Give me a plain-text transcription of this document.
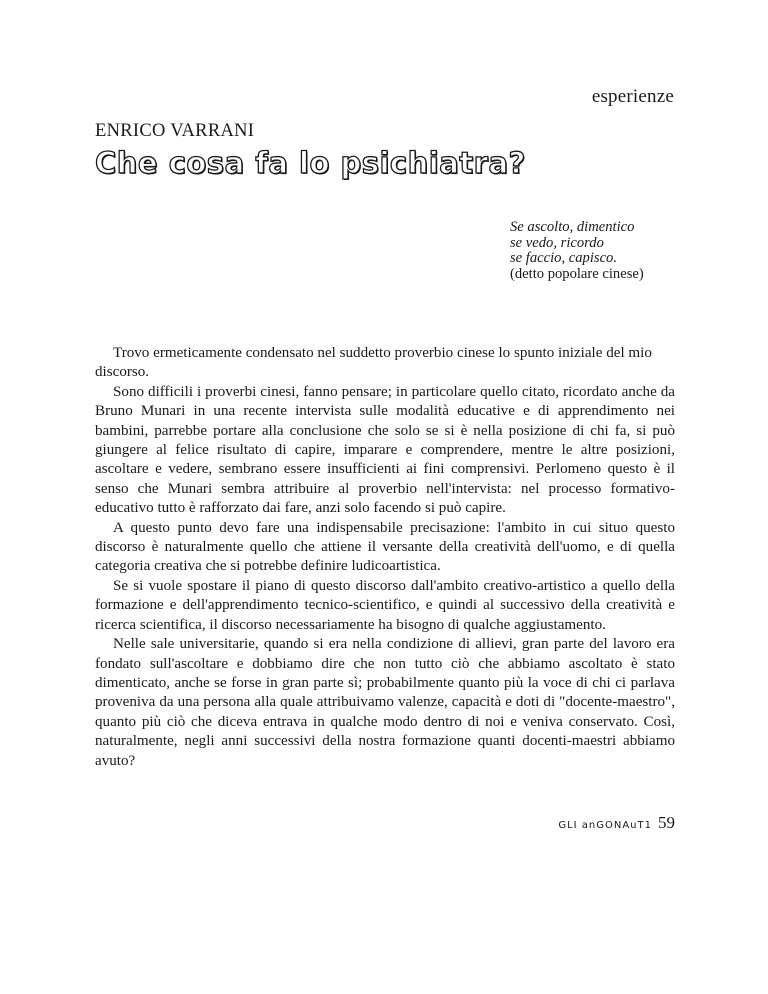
esperienze
ENRICO VARRANI
Che cosa fa lo psichiatra?
Se ascolto, dimentico
se vedo, ricordo
se faccio, capisco.
(detto popolare cinese)

Trovo ermeticamente condensato nel suddetto proverbio cinese lo spunto iniziale del mio discorso.

Sono difficili i proverbi cinesi, fanno pensare; in particolare quello citato, ricordato anche da Bruno Munari in una recente intervista sulle modalità educative e di apprendimento nei bambini, parrebbe portare alla conclusione che solo se si è nella posizione di chi fa, si può giungere al felice risultato di capire, imparare e comprendere, mentre le altre posizioni, ascoltare e vedere, sembrano essere insufficienti ai fini comprensivi. Perlomeno questo è il senso che Munari sembra attribuire al proverbio nell'intervista: nel processo formativo-educativo tutto è rafforzato dai fare, anzi solo facendo si può capire.

A questo punto devo fare una indispensabile precisazione: l'ambito in cui situo questo discorso è naturalmente quello che attiene il versante della creatività dell'uomo, e di quella categoria creativa che si potrebbe definire ludicoartistica.

Se si vuole spostare il piano di questo discorso dall'ambito creativo-artistico a quello della formazione e dell'apprendimento tecnico-scientifico, e quindi al successivo della creatività e ricerca scientifica, il discorso necessariamente ha bisogno di qualche aggiustamento.

Nelle sale universitarie, quando si era nella condizione di allievi, gran parte del lavoro era fondato sull'ascoltare e dobbiamo dire che non tutto ciò che abbiamo ascoltato è stato dimenticato, anche se forse in gran parte sì; probabilmente quanto più la voce di chi ci parlava proveniva da una persona alla quale attribuivamo valenze, capacità e doti di "docente-maestro", quanto più ciò che diceva entrava in qualche modo dentro di noi e veniva conservato. Così, naturalmente, negli anni successivi della nostra formazione quanti docenti-maestri abbiamo avuto?

GLI anGONAuT1 59
